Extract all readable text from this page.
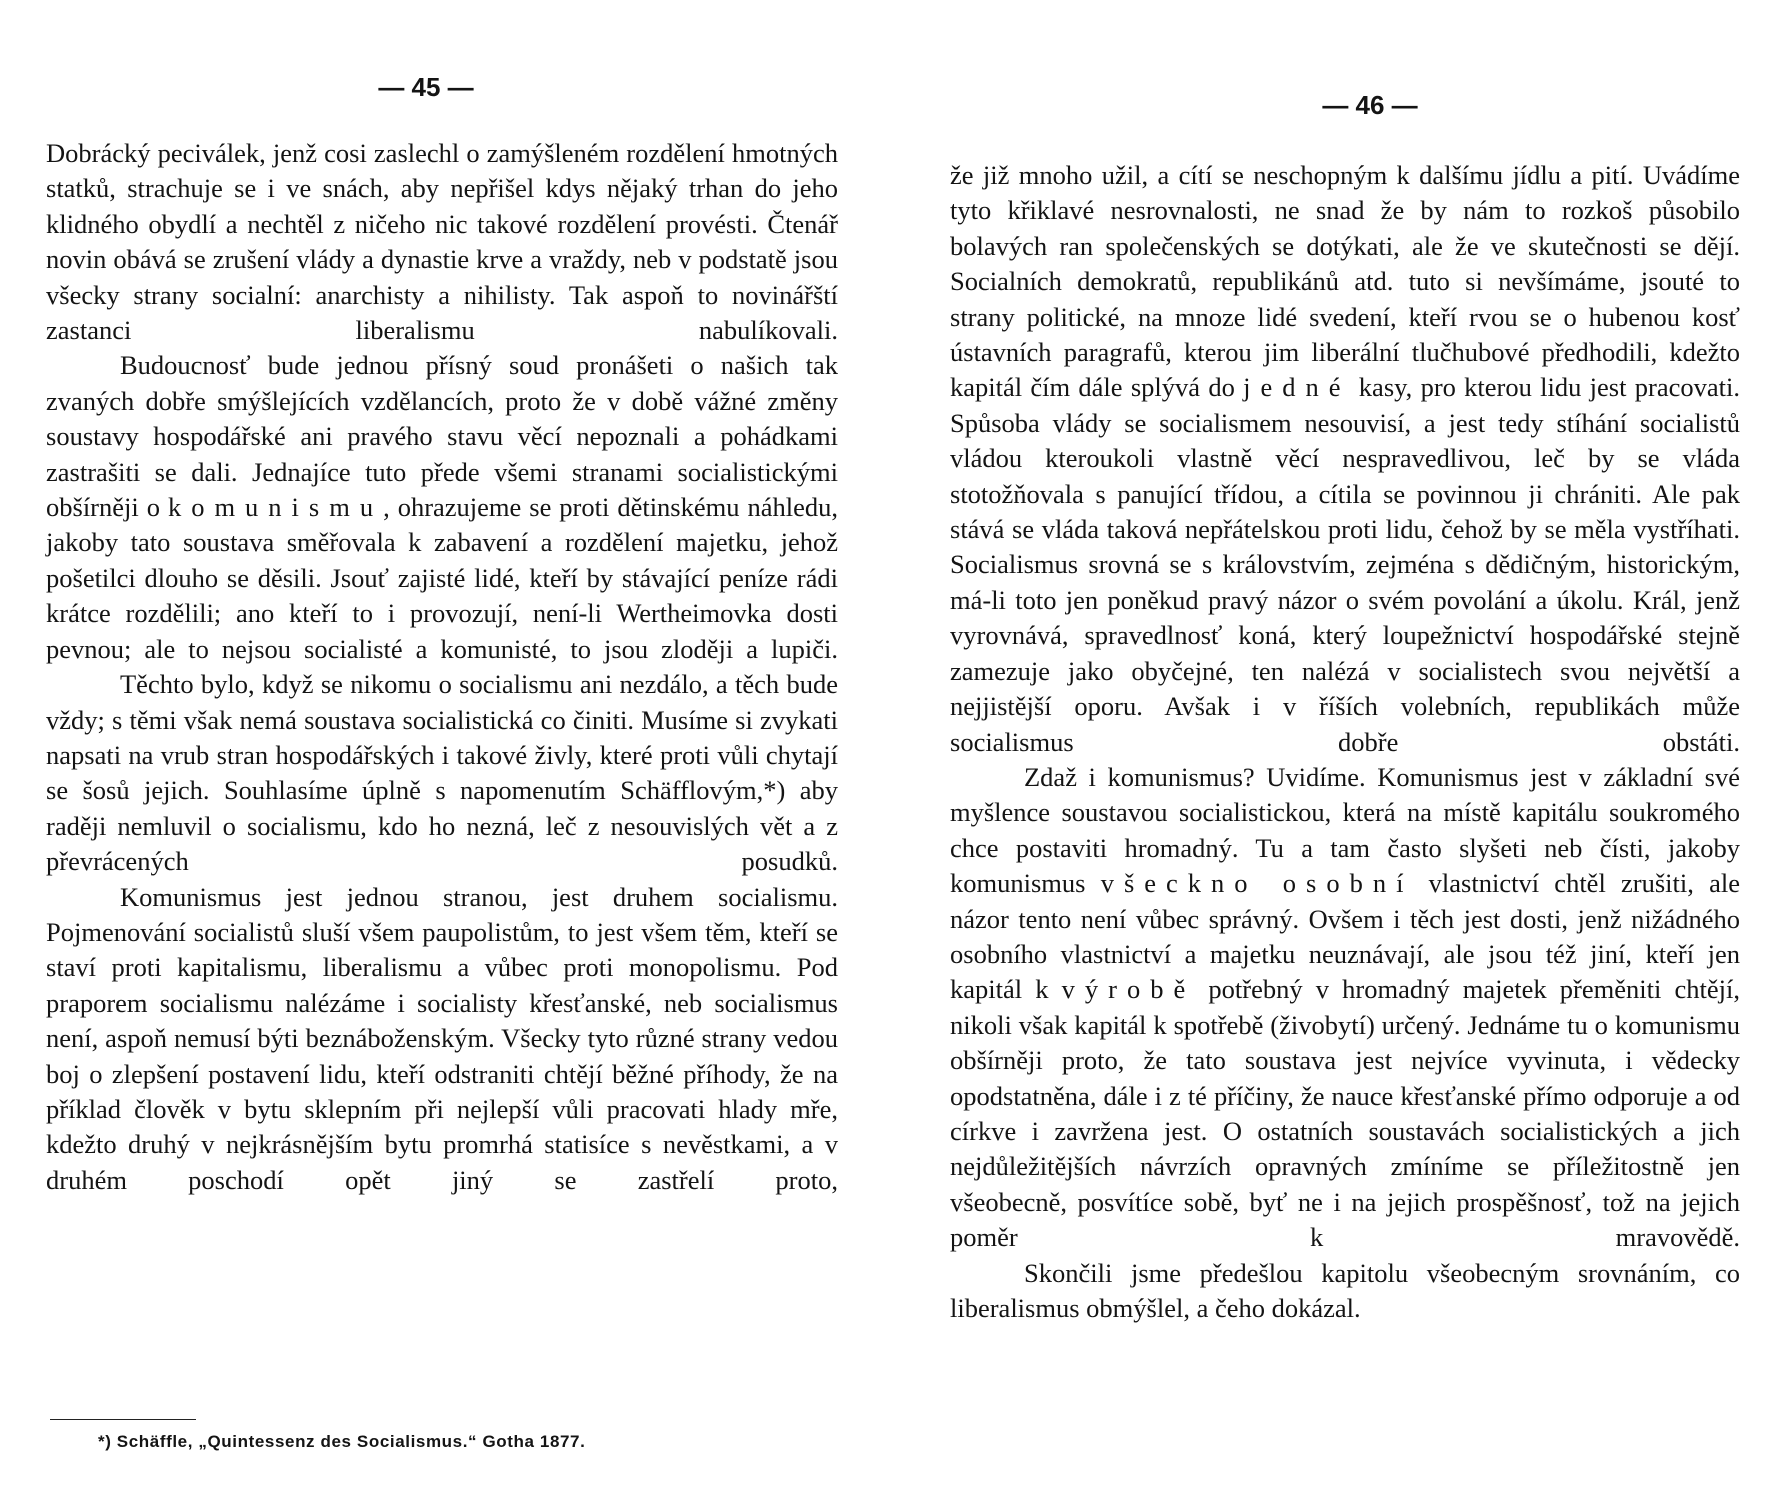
— 45 —

Dobrácký peciválek, jenž cosi zaslechl o zamýšleném rozdělení hmotných statků, strachuje se i ve snách, aby nepřišel kdys nějaký trhan do jeho klidného obydlí a nechtěl z ničeho nic takové rozdělení provésti. Čtenář novin obává se zrušení vlády a dynastie krve a vraždy, neb v podstatě jsou všecky strany socialní: anarchisty a nihilisty. Tak aspoň to novinářští zastanci liberalismu nabulíkovali.

Budoucnosť bude jednou přísný soud pronášeti o našich tak zvaných dobře smýšlejících vzdělancích, proto že v době vážné změny soustavy hospodářské ani pravého stavu věcí nepoznali a pohádkami zastrašiti se dali. Jednajíce tuto přede všemi stranami socialistickými obšírněji o komunismu, ohrazujeme se proti dětinskému náhledu, jakoby tato soustava směřovala k zabavení a rozdělení majetku, jehož pošetilci dlouho se děsili. Jsouť zajisté lidé, kteří by stávající peníze rádi krátce rozdělili; ano kteří to i provozují, není-li Wertheimovka dosti pevnou; ale to nejsou socialisté a komunisté, to jsou zloději a lupiči.

Těchto bylo, když se nikomu o socialismu ani nezdálo, a těch bude vždy; s těmi však nemá soustava socialistická co činiti. Musíme si zvykati napsati na vrub stran hospodářských i takové živly, které proti vůli chytají se šosů jejich. Souhlasíme úplně s napomenutím Schäfflovým,*) aby raději nemluvil o socialismu, kdo ho nezná, leč z nesouvislých vět a z převrácených posudků.

Komunismus jest jednou stranou, jest druhem socialismu. Pojmenování socialistů sluší všem paupolistům, to jest všem těm, kteří se staví proti kapitalismu, liberalismu a vůbec proti monopolismu. Pod praporem socialismu nalézáme i socialisty křesťanské, neb socialismus není, aspoň nemusí býti beznáboženským. Všecky tyto různé strany vedou boj o zlepšení postavení lidu, kteří odstraniti chtějí běžné příhody, že na příklad člověk v bytu sklepním při nejlepší vůli pracovati hlady mře, kdežto druhý v nejkrásnějším bytu promrhá statisíce s nevěstkami, a v druhém poschodí opět jiný se zastřelí proto,

*) Schäffle, „Quintessenz des Socialismus.“ Gotha 1877.
— 46 —

že již mnoho užil, a cítí se neschopným k dalšímu jídlu a pití. Uvádíme tyto křiklavé nesrovnalosti, ne snad že by nám to rozkoš působilo bolavých ran společenských se dotýkati, ale že ve skutečnosti se dějí. Socialních demokratů, republikánů atd. tuto si nevšímáme, jsouté to strany politické, na mnoze lidé svedení, kteří rvou se o hubenou kosť ústavních paragrafů, kterou jim liberální tlučhubové předhodili, kdežto kapitál čím dále splývá do jedné kasy, pro kterou lidu jest pracovati. Spůsoba vlády se socialismem nesouvisí, a jest tedy stíhání socialistů vládou kteroukoli vlastně věcí nespravedlivou, leč by se vláda stotožňovala s panující třídou, a cítila se povinnou ji chrániti. Ale pak stává se vláda taková nepřátelskou proti lidu, čehož by se měla vystříhati. Socialismus srovná se s královstvím, zejména s dědičným, historickým, má-li toto jen poněkud pravý názor o svém povolání a úkolu. Král, jenž vyrovnává, spravedlnosť koná, který loupežnictví hospodářské stejně zamezuje jako obyčejné, ten nalézá v socialistech svou největší a nejjistější oporu. Avšak i v říších volebních, republikách může socialismus dobře obstáti.

Zdaž i komunismus? Uvidíme. Komunismus jest v základní své myšlence soustavou socialistickou, která na místě kapitálu soukromého chce postaviti hromadný. Tu a tam často slyšeti neb čísti, jakoby komunismus všeckno osobní vlastnictví chtěl zrušiti, ale názor tento není vůbec správný. Ovšem i těch jest dosti, jenž nižádného osobního vlastnictví a majetku neuznávají, ale jsou též jiní, kteří jen kapitál k výrobě potřebný v hromadný majetek přeměniti chtějí, nikoli však kapitál k spotřebě (živobytí) určený. Jednáme tu o komunismu obšírněji proto, že tato soustava jest nejvíce vyvinuta, i vědecky opodstatněna, dále i z té příčiny, že nauce křesťanské přímo odporuje a od církve i zavržena jest. O ostatních soustavách socialistických a jich nejdůležitějších návrzích opravných zmíníme se příležitostně jen všeobecně, posvítíce sobě, byť ne i na jejich prospěšnosť, tož na jejich poměr k mravovědě.

Skončili jsme předešlou kapitolu všeobecným srovnáním, co liberalismus obmýšlel, a čeho dokázal.
